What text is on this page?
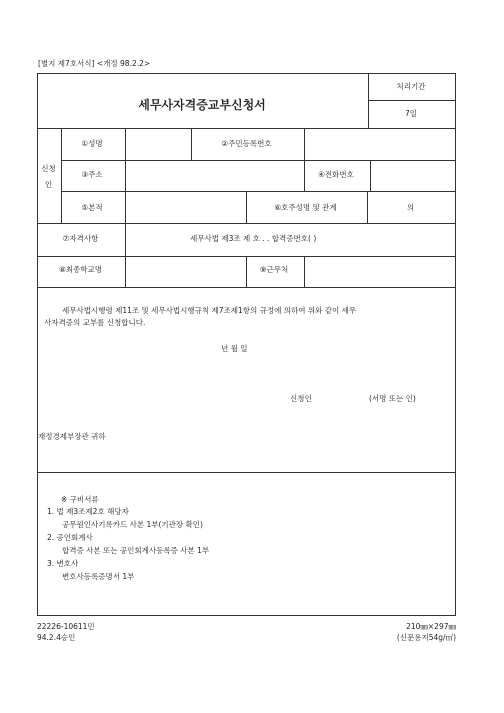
[별지 제7호서식] <개정 98.2.2>
세무사자격증교부신청서
처리기간
7일
신청
인
①성명	②주민등록번호
③주소	④전화번호
⑤본적	⑥호주성명 및 관계	의
⑦자격사항	세무사법 제3조 제 호 . . 합격증번호( )
⑧최종학교명	⑨근무처
세무사법시행령 제11조 및 세무사법시행규칙 제7조제1항의 규정에 의하여 위와 같이 세무
사자격증의 교부를 신청합니다.
년 월 일
신청인	(서명 또는 인)
재정경제부장관 귀하
※ 구비서류
1. 법 제3조제2호 해당자
공무원인사기록카드 사본 1부(기관장 확인)
2. 공인회계사
합격증 사본 또는 공인회계사등록증 사본 1부
3. 변호사
변호사등록증명서 1부
22226-10611민
94.2.4승인
210㎜×297㎜
(신문용지54g/㎡)
